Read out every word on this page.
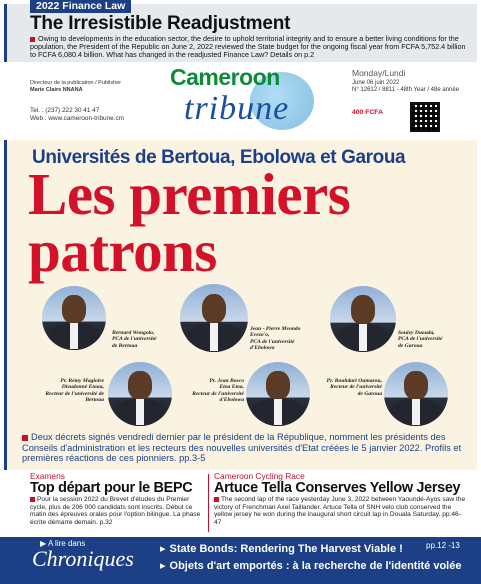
2022 Finance Law
The Irresistible Readjustment
Owing to developments in the education sector, the desire to uphold territorial integrity and to ensure a better living conditions for the population, the President of the Republic on June 2, 2022 reviewed the State budget for the ongoing fiscal year from FCFA 5,752.4 billion to FCFA 6,080.4 billion. What has changed in the readjusted Finance Law? Details on p.2
Directeur de la publication / Publisher
Marie Claire NNANA
Tel. : (237) 222 30 41 47
Web : www.cameroon-tribune.cm
Cameroon
tribune
Monday/Lundi
June 06 juin 2022
N° 12612 / 8811 - 48th Year / 48e année
400 FCFA
Universités de Bertoua, Ebolowa et Garoua
Les premiers
patrons
Bernard Wongolo,
PCA de l'université
de Bertoua
Jean - Pierre Mvondo
Evezo'o,
PCA de l'université d'Ebolowa
Souley Daouda,
PCA de l'université
de Garoua
Pr. Rémy Magloire
Dieudonné Etoua,
Recteur de l'université de Bertoua
Pr. Jean Bosco
Etoa Etoa,
Recteur de l'université d'Ebolowa
Pr. Bouhdari Oumarou,
Recteur de l'université
de Garoua
Deux décrets signés vendredi dernier par le président de la République, nomment les présidents des Conseils d'administration et les recteurs des nouvelles universités d'Etat créées le 5 janvier 2022. Profils et premières réactions de ces pionniers. pp.3-5
Examens
Top départ pour le BEPC
Pour la session 2022 du Brevet d'études du Premier cycle, plus de 206 000 candidats sont inscrits. Début ce matin des épreuves orales pour l'option bilingue. La phase écrite démarre demain. p.32
Cameroon Cycling Race
Artuce Tella Conserves Yellow Jersey
The second lap of the race yesterday June 3, 2022 between Yaoundé-Ayos saw the victory of Frenchman Axel Taillander. Artuce Tella of SNH velo club conserved the yellow jersey he won during the inaugural short circuit lap in Douala Saturday. pp.46-47
▶ A lire dans
Chroniques ▸ State Bonds: Rendering The Harvest Viable !
▸ Objets d'art emportés : à la recherche de l'identité volée
pp.12 -13
